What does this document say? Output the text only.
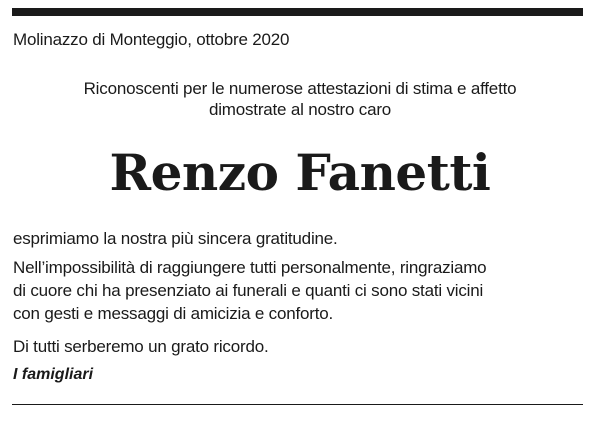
Molinazzo di Monteggio, ottobre 2020
Riconoscenti per le numerose attestazioni di stima e affetto
dimostrate al nostro caro
Renzo Fanetti
esprimiamo la nostra più sincera gratitudine.
Nell’impossibilità di raggiungere tutti personalmente, ringraziamo
di cuore chi ha presenziato ai funerali e quanti ci sono stati vicini
con gesti e messaggi di amicizia e conforto.
Di tutti serberemo un grato ricordo.
I famigliari
